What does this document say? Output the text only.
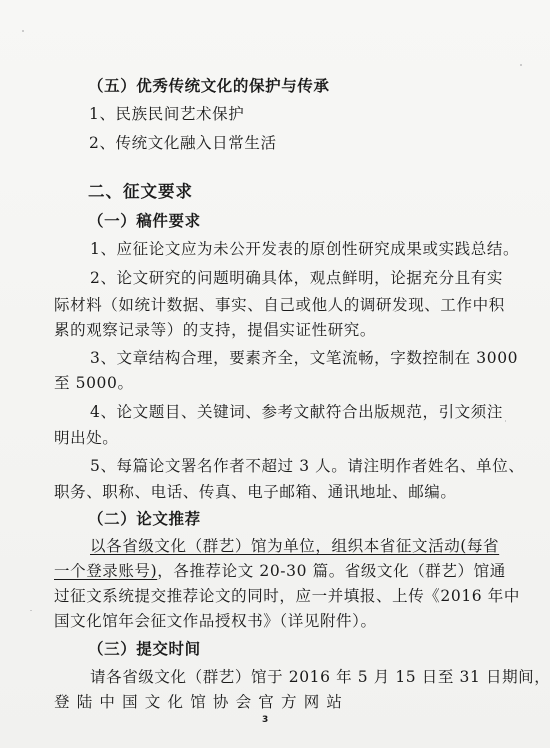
（五）优秀传统文化的保护与传承
1、民族民间艺术保护
2、传统文化融入日常生活
二、征文要求
（一）稿件要求
1、应征论文应为未公开发表的原创性研究成果或实践总结。
2、论文研究的问题明确具体，观点鲜明，论据充分且有实
际材料（如统计数据、事实、自己或他人的调研发现、工作中积
累的观察记录等）的支持，提倡实证性研究。
3、文章结构合理，要素齐全，文笔流畅，字数控制在 3000
至 5000。
4、论文题目、关键词、参考文献符合出版规范，引文须注
明出处。
5、每篇论文署名作者不超过 3 人。请注明作者姓名、单位、
职务、职称、电话、传真、电子邮箱、通讯地址、邮编。
（二）论文推荐
以各省级文化（群艺）馆为单位，组织本省征文活动(每省
一个登录账号)，各推荐论文 20-30 篇。省级文化（群艺）馆通
过征文系统提交推荐论文的同时，应一并填报、上传《2016 年中
国文化馆年会征文作品授权书》（详见附件）。
（三）提交时间
请各省级文化（群艺）馆于 2016 年 5 月 15 日至 31 日期间，
登陆中国文化馆协会官方网站
3
